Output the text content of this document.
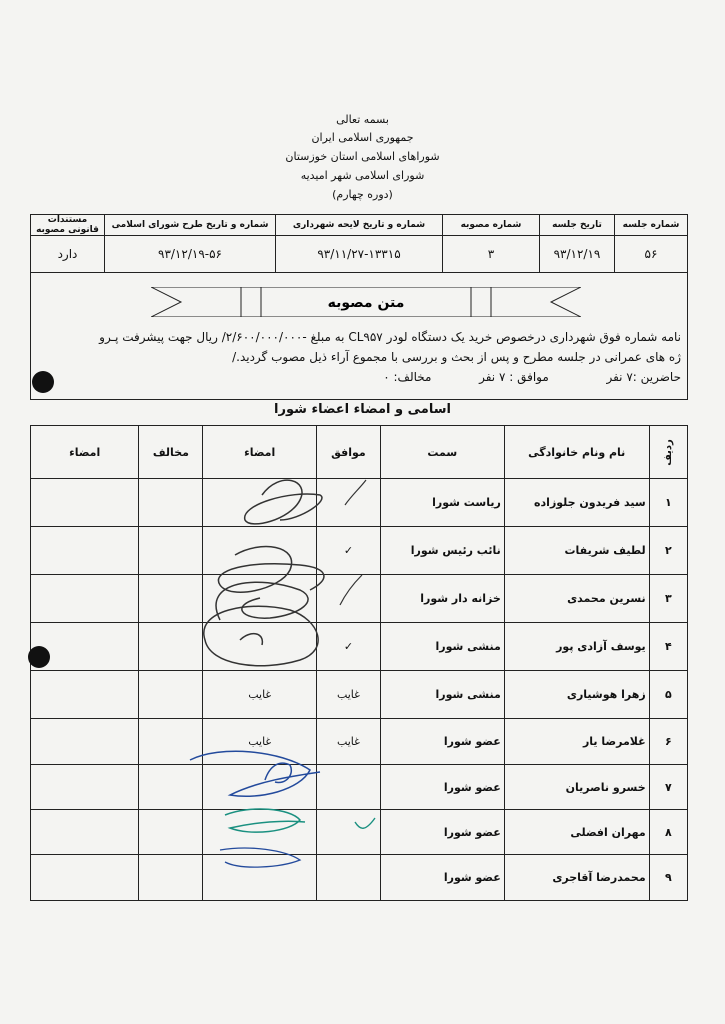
بسمه تعالی
جمهوری اسلامی ایران
شوراهای اسلامی استان خوزستان
شورای اسلامی شهر امیدیه
(دوره چهارم)
شماره جلسه	تاریخ جلسه	شماره مصوبه	شماره و تاریخ لایحه شهرداری	شماره و تاریخ طرح شورای اسلامی	مستندات قانونی مصوبه
۵۶	۹۳/۱۲/۱۹	۳	۹۳/۱۱/۲۷-۱۳۳۱۵	۹۳/۱۲/۱۹-۵۶	دارد
متن مصوبه
نامه شماره فوق شهرداری درخصوص خرید یک دستگاه لودر CL۹۵۷ به مبلغ -۲/۶۰۰/۰۰۰/۰۰۰/ ریال جهت پیشرفت پـرو
ژه های عمرانی در جلسه مطرح و پس از بحث و بررسی با مجموع آراء ذیل مصوب گردید./
حاضرین :۷ نفر  موافق : ۷ نفر  مخالف: ۰
اسامی و امضاء اعضاء شورا
ردیف	نام ونام خانوادگی	سمت	موافق	امضاء	مخالف	امضاء
۱	سید فریدون جلوزاده	ریاست شورا				
۲	لطیف شریفات	نائب رئیس شورا	✓			
۳	نسرین محمدی	خزانه دار شورا				
۴	یوسف آزادی پور	منشی شورا	✓			
۵	زهرا هوشیاری	منشی شورا	غایب	غایب		
۶	غلامرضا یار	عضو شورا	غایب	غایب		
۷	خسرو ناصریان	عضو شورا				
۸	مهران افضلی	عضو شورا				
۹	محمدرضا آقاجری	عضو شورا				
